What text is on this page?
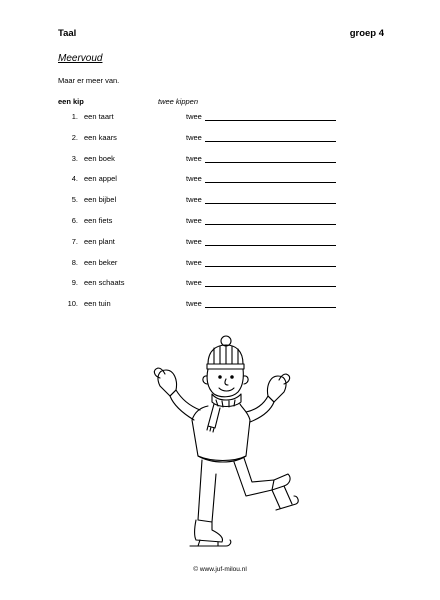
Taal	groep 4
Meervoud
Maar er meer van.
een kip	twee kippen
1. een taart	twee
2. een kaars	twee
3. een boek	twee
4. een appel	twee
5. een bijbel	twee
6. een fiets	twee
7. een plant	twee
8. een beker	twee
9. een schaats	twee
10. een tuin	twee
© www.juf-milou.nl
